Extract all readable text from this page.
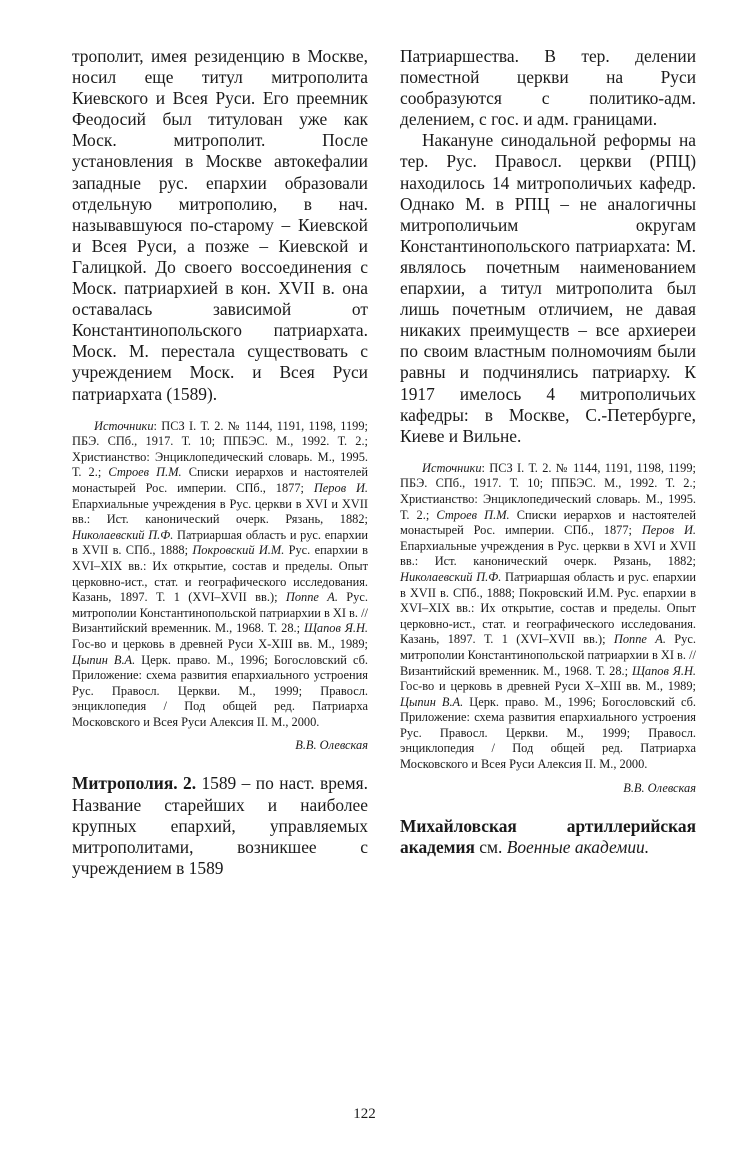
трополит, имея резиденцию в Москве, носил еще титул митрополита Киевского и Всея Руси. Его преемник Феодосий был титулован уже как Моск. митрополит. После установления в Москве автокефалии западные рус. епархии образовали отдельную митрополию, в нач. называвшуюся по-старому – Киевской и Всея Руси, а позже – Киевской и Галицкой. До своего воссоединения с Моск. патриархией в кон. XVII в. она оставалась зависимой от Константинопольского патриархата. Моск. М. перестала существовать с учреждением Моск. и Всея Руси патриархата (1589).

Источники: ПСЗ I. Т. 2. № 1144, 1191, 1198, 1199; ПБЭ. СПб., 1917. Т. 10; ППБЭС. М., 1992. Т. 2.; Христианство: Энциклопедический словарь. М., 1995. Т. 2.; Строев П.М. Списки иерархов и настоятелей монастырей Рос. империи. СПб., 1877; Перов И. Епархиальные учреждения в Рус. церкви в XVI и XVII вв.: Ист. канонический очерк. Рязань, 1882; Николаевский П.Ф. Патриаршая область и рус. епархии в XVII в. СПб., 1888; Покровский И.М. Рус. епархии в XVI–XIX вв.: Их открытие, состав и пределы. Опыт церковно-ист., стат. и географического исследования. Казань, 1897. Т. 1 (XVI–XVII вв.); Поппе А. Рус. митрополии Константинопольской патриархии в XI в. // Византийский временник. М., 1968. Т. 28.; Щапов Я.Н. Гос-во и церковь в древней Руси X-XIII вв. М., 1989; Цыпин В.А. Церк. право. М., 1996; Богословский сб. Приложение: схема развития епархиального устроения Рус. Правосл. Церкви. М., 1999; Правосл. энциклопедия / Под общей ред. Патриарха Московского и Всея Руси Алексия II. М., 2000.

В.В. Олевская

Митрополия. 2. 1589 – по наст. время. Название старейших и наиболее крупных епархий, управляемых митрополитами, возникшее с учреждением в 1589

Патриаршества. В тер. делении поместной церкви на Руси сообразуются с политико-адм. делением, с гос. и адм. границами.

Накануне синодальной реформы на тер. Рус. Правосл. церкви (РПЦ) находилось 14 митрополичьих кафедр. Однако М. в РПЦ – не аналогичны митрополичьим округам Константинопольского патриархата: М. являлось почетным наименованием епархии, а титул митрополита был лишь почетным отличием, не давая никаких преимуществ – все архиереи по своим властным полномочиям были равны и подчинялись патриарху. К 1917 имелось 4 митрополичьих кафедры: в Москве, С.-Петербурге, Киеве и Вильне.

Источники: ПСЗ I. Т. 2. № 1144, 1191, 1198, 1199; ПБЭ. СПб., 1917. Т. 10; ППБЭС. М., 1992. Т. 2.; Христианство: Энциклопедический словарь. М., 1995. Т. 2.; Строев П.М. Списки иерархов и настоятелей монастырей Рос. империи. СПб., 1877; Перов И. Епархиальные учреждения в Рус. церкви в XVI и XVII вв.: Ист. канонический очерк. Рязань, 1882; Николаевский П.Ф. Патриаршая область и рус. епархии в XVII в. СПб., 1888; Покровский И.М. Рус. епархии в XVI–XIX вв.: Их открытие, состав и пределы. Опыт церковно-ист., стат. и географического исследования. Казань, 1897. Т. 1 (XVI–XVII вв.); Поппе А. Рус. митрополии Константинопольской патриархии в XI в. // Византийский временник. М., 1968. Т. 28.; Щапов Я.Н. Гос-во и церковь в древней Руси X–XIII вв. М., 1989; Цыпин В.А. Церк. право. М., 1996; Богословский сб. Приложение: схема развития епархиального устроения Рус. Правосл. Церкви. М., 1999; Правосл. энциклопедия / Под общей ред. Патриарха Московского и Всея Руси Алексия II. М., 2000.

В.В. Олевская

Михайловская артиллерийская академия см. Военные академии.

122
